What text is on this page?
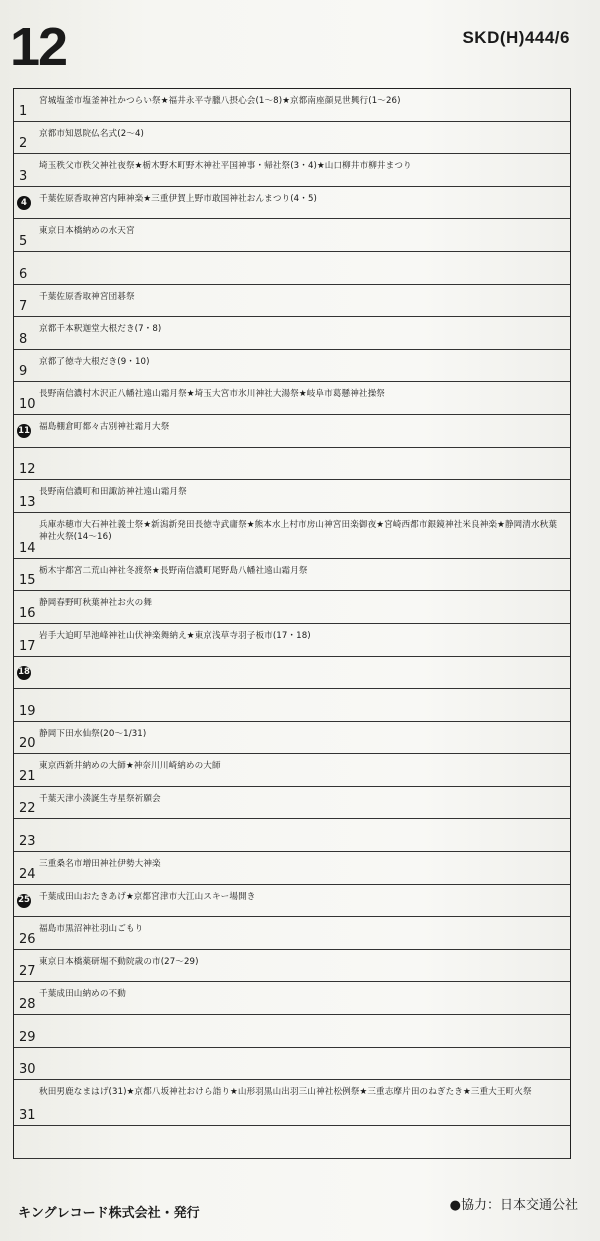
12	SKD(H)444/6
1
宮城塩釜市塩釜神社かつらい祭★福井永平寺臘八摂心会(1～8)★京都南座顔見世興行(1～26)
2
京都市知恩院仏名式(2～4)
3
埼玉秩父市秩父神社夜祭★栃木野木町野木神社平国神事・帰社祭(3・4)★山口柳井市柳井まつり
4	千葉佐原香取神宮内陣神楽★三重伊賀上野市敢国神社おんまつり(4・5)
5
東京日本橋納めの水天宮
6
7
千葉佐原香取神宮団碁祭
8
京都千本釈迦堂大根だき(7・8)
9
京都了徳寺大根だき(9・10)
10
長野南信濃村木沢正八幡社遠山霜月祭★埼玉大宮市氷川神社大湯祭★岐阜市葛懸神社操祭
11 福島棚倉町都々古別神社霜月大祭
12
13
長野南信濃町和田諏訪神社遠山霜月祭
14
兵庫赤穂市大石神社義士祭★新潟新発田長徳寺武庸祭★熊本水上村市房山神宮田楽御夜★宮崎西都市銀鏡神社米良神楽★静岡清水秋葉神社火祭(14～16)
15
栃木宇都宮二荒山神社冬渡祭★長野南信濃町尾野島八幡社遠山霜月祭
16
静岡春野町秋葉神社お火の舞
17
岩手大迫町早池峰神社山伏神楽舞納え★東京浅草寺羽子板市(17・18)
18
19
20
静岡下田水仙祭(20～1/31)
21
東京西新井納めの大師★神奈川川崎納めの大師
22
千葉天津小湊誕生寺星祭祈願会
23
24
三重桑名市増田神社伊勢大神楽
25 千葉成田山おたきあげ★京都宮津市大江山スキー場開き
26
福島市黒沼神社羽山ごもり
27
東京日本橋薬研堀不動院歳の市(27～29)
28
千葉成田山納めの不動
29
30
31
秋田男鹿なまはげ(31)★京都八坂神社おけら詣り★山形羽黒山出羽三山神社松例祭★三重志摩片田のねぎたき★三重大王町火祭
キングレコード株式会社・発行
●協力：日本交通公社
